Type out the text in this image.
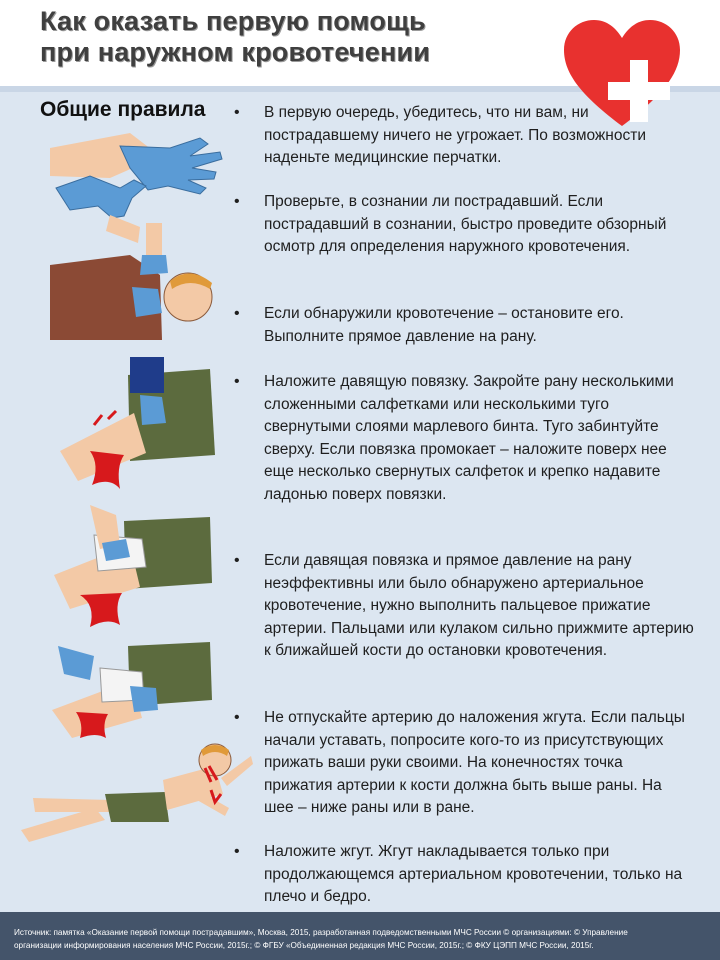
Как оказать первую помощь
при наружном кровотечении
Общие правила • В первую очередь, убедитесь, что ни вам, ни пострадавшему ничего не угрожает. По возможности наденьте медицинские перчатки.
• Проверьте, в сознании ли пострадавший. Если пострадавший в сознании, быстро проведите обзорный осмотр для определения наружного кровотечения.
• Если обнаружили кровотечение – остановите его. Выполните прямое давление на рану.
• Наложите давящую повязку. Закройте рану несколькими сложенными салфетками или несколькими туго свернутыми слоями марлевого бинта. Туго забинтуйте сверху. Если повязка промокает – наложите поверх нее еще несколько свернутых салфеток и крепко надавите ладонью поверх повязки.
• Если давящая повязка и прямое давление на рану неэффективны или было обнаружено артериальное кровотечение, нужно выполнить пальцевое прижатие артерии. Пальцами или кулаком сильно прижмите артерию к ближайшей кости до остановки кровотечения.
• Не отпускайте артерию до наложения жгута. Если пальцы начали уставать, попросите кого-то из присутствующих прижать ваши руки своими. На конечностях точка прижатия артерии к кости должна быть выше раны. На шее – ниже раны или в ране.
• Наложите жгут. Жгут накладывается только при продолжающемся артериальном кровотечении, только на плечо и бедро.
Источник: памятка «Оказание первой помощи пострадавшим», Москва, 2015, разработанная подведомственными МЧС России © организациями: © Управление
организации информирования населения МЧС России, 2015г.; © ФГБУ «Объединенная редакция МЧС России, 2015г.; © ФКУ ЦЭПП МЧС России, 2015г.
